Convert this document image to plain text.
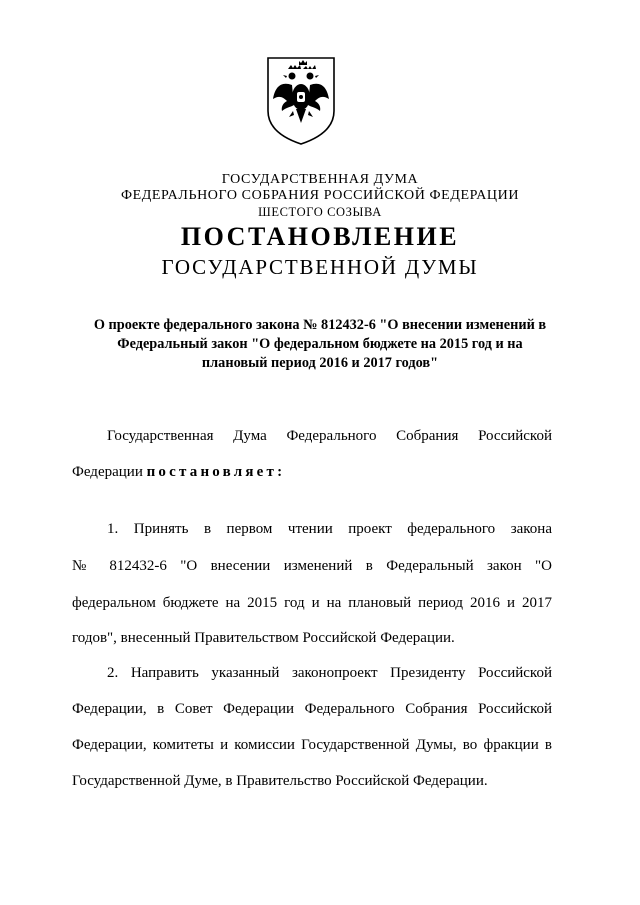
ГОСУДАРСТВЕННАЯ ДУМА
ФЕДЕРАЛЬНОГО СОБРАНИЯ РОССИЙСКОЙ ФЕДЕРАЦИИ
ШЕСТОГО СОЗЫВА
ПОСТАНОВЛЕНИЕ
ГОСУДАРСТВЕННОЙ ДУМЫ
О проекте федерального закона № 812432-6 "О внесении изменений в
Федеральный закон "О федеральном бюджете на 2015 год и на
плановый период 2016 и 2017 годов"
Государственная Дума Федерального Собрания Российской
Федерации постановляет:
1. Принять в первом чтении проект федерального закона
№ 812432-6 "О внесении изменений в Федеральный закон "О
федеральном бюджете на 2015 год и на плановый период 2016 и 2017
годов", внесенный Правительством Российской Федерации.
2. Направить указанный законопроект Президенту Российской
Федерации, в Совет Федерации Федерального Собрания Российской
Федерации, комитеты и комиссии Государственной Думы, во фракции в
Государственной Думе, в Правительство Российской Федерации.
